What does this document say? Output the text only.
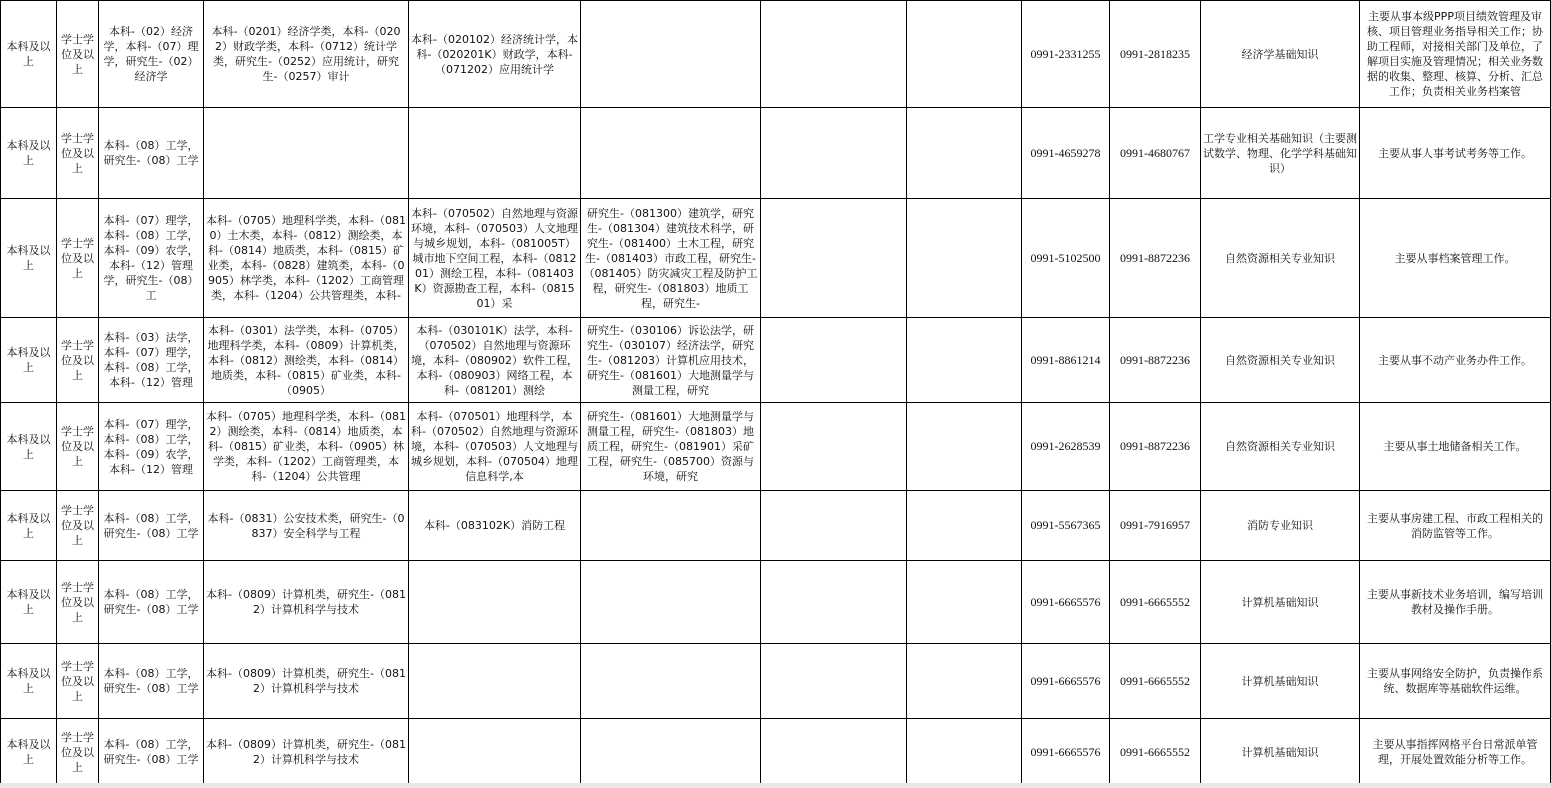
本科及以上	学士学位及以上	本科-（02）经济学，本科-（07）理学，研究生-（02）经济学	本科-（0201）经济学类，本科-（0202）财政学类，本科-（0712）统计学类，研究生-（0252）应用统计，研究生-（0257）审计	本科-（020102）经济统计学，本科-（020201K）财政学，本科-（071202）应用统计学				0991-2331255	0991-2818235	经济学基础知识	主要从事本级PPP项目绩效管理及审核、项目管理业务指导相关工作；协助工程师，对接相关部门及单位，了解项目实施及管理情况；相关业务数据的收集、整理、核算、分析、汇总工作；负责相关业务档案管

本科及以上	学士学位及以上	本科-（08）工学，研究生-（08）工学						0991-4659278	0991-4680767	工学专业相关基础知识（主要测试数学、物理、化学学科基础知识）	主要从事人事考试考务等工作。

本科及以上	学士学位及以上	本科-（07）理学，本科-（08）工学，本科-（09）农学，本科-（12）管理学，研究生-（08）工	本科-（0705）地理科学类，本科-（0810）土木类，本科-（0812）测绘类，本科-（0814）地质类，本科-（0815）矿业类，本科-（0828）建筑类，本科-（0905）林学类，本科-（1202）工商管理类，本科-（1204）公共管理类，本科-	本科-（070502）自然地理与资源环境，本科-（070503）人文地理与城乡规划，本科-（081005T）城市地下空间工程，本科-（081201）测绘工程，本科-（081403K）资源勘查工程，本科-（081501）采	研究生-（081300）建筑学，研究生-（081304）建筑技术科学，研究生-（081400）土木工程，研究生-（081403）市政工程，研究生-（081405）防灾减灾工程及防护工程，研究生-（081803）地质工程，研究生-			0991-5102500	0991-8872236	自然资源相关专业知识	主要从事档案管理工作。

本科及以上	学士学位及以上	本科-（03）法学，本科-（07）理学，本科-（08）工学，本科-（12）管理	本科-（0301）法学类，本科-（0705）地理科学类，本科-（0809）计算机类，本科-（0812）测绘类，本科-（0814）地质类，本科-（0815）矿业类，本科-（0905）	本科-（030101K）法学，本科-（070502）自然地理与资源环境，本科-（080902）软件工程，本科-（080903）网络工程，本科-（081201）测绘	研究生-（030106）诉讼法学，研究生-（030107）经济法学，研究生-（081203）计算机应用技术，研究生-（081601）大地测量学与测量工程，研究			0991-8861214	0991-8872236	自然资源相关专业知识	主要从事不动产业务办件工作。

本科及以上	学士学位及以上	本科-（07）理学，本科-（08）工学，本科-（09）农学，本科-（12）管理	本科-（0705）地理科学类，本科-（0812）测绘类，本科-（0814）地质类，本科-（0815）矿业类，本科-（0905）林学类，本科-（1202）工商管理类，本科-（1204）公共管理	本科-（070501）地理科学，本科-（070502）自然地理与资源环境，本科-（070503）人文地理与城乡规划，本科-（070504）地理信息科学,本	研究生-（081601）大地测量学与测量工程，研究生-（081803）地质工程，研究生-（081901）采矿工程，研究生-（085700）资源与环境，研究			0991-2628539	0991-8872236	自然资源相关专业知识	主要从事土地储备相关工作。

本科及以上	学士学位及以上	本科-（08）工学，研究生-（08）工学	本科-（0831）公安技术类，研究生-（0837）安全科学与工程	本科-（083102K）消防工程				0991-5567365	0991-7916957	消防专业知识	主要从事房建工程、市政工程相关的消防监管等工作。

本科及以上	学士学位及以上	本科-（08）工学，研究生-（08）工学	本科-（0809）计算机类，研究生-（0812）计算机科学与技术					0991-6665576	0991-6665552	计算机基础知识	主要从事新技术业务培训，编写培训教材及操作手册。

本科及以上	学士学位及以上	本科-（08）工学，研究生-（08）工学	本科-（0809）计算机类，研究生-（0812）计算机科学与技术					0991-6665576	0991-6665552	计算机基础知识	主要从事网络安全防护，负责操作系统、数据库等基础软件运维。

本科及以上	学士学位及以上	本科-（08）工学，研究生-（08）工学	本科-（0809）计算机类，研究生-（0812）计算机科学与技术					0991-6665576	0991-6665552	计算机基础知识	主要从事指挥网格平台日常派单管理，开展处置效能分析等工作。
